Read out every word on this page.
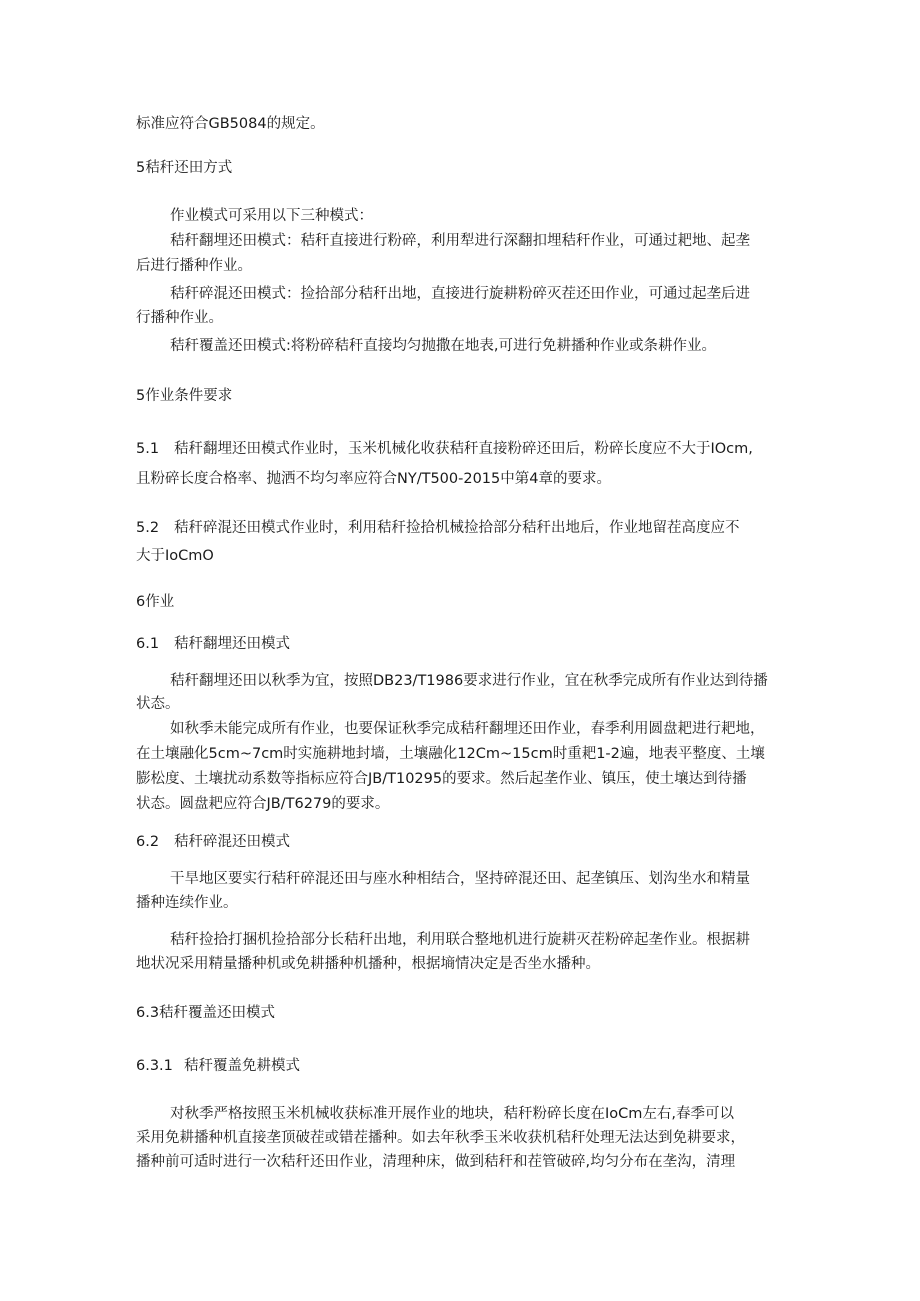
标准应符合GB5084的规定。
5秸秆还田方式
作业模式可采用以下三种模式：
秸秆翻埋还田模式：秸秆直接进行粉碎，利用犁进行深翻扣埋秸秆作业，可通过耙地、起垄
后进行播种作业。
秸秆碎混还田模式：捡拾部分秸秆出地，直接进行旋耕粉碎灭茬还田作业，可通过起垄后进
行播种作业。
秸秆覆盖还田模式:将粉碎秸秆直接均匀抛撒在地表,可进行免耕播种作业或条耕作业。
5作业条件要求
5.1 秸秆翻埋还田模式作业时，玉米机械化收获秸秆直接粉碎还田后，粉碎长度应不大于IOcm,
且粉碎长度合格率、抛洒不均匀率应符合NY/T500-2015中第4章的要求。
5.2 秸秆碎混还田模式作业时，利用秸秆捡拾机械捡拾部分秸秆出地后，作业地留茬高度应不
大于IoCmO
6作业
6.1 秸秆翻埋还田模式
秸秆翻埋还田以秋季为宜，按照DB23/T1986要求进行作业，宜在秋季完成所有作业达到待播
状态。
如秋季未能完成所有作业，也要保证秋季完成秸秆翻埋还田作业，春季利用圆盘耙进行耙地，
在土壤融化5cm~7cm时实施耕地封墙，土壤融化12Cm~15cm时重耙1-2遍，地表平整度、土壤
膨松度、土壤扰动系数等指标应符合JB/T10295的要求。然后起垄作业、镇压，使土壤达到待播
状态。圆盘耙应符合JB/T6279的要求。
6.2 秸秆碎混还田模式
干旱地区要实行秸秆碎混还田与座水种相结合，坚持碎混还田、起垄镇压、划沟坐水和精量
播种连续作业。
秸秆捡拾打捆机捡拾部分长秸秆出地，利用联合整地机进行旋耕灭茬粉碎起垄作业。根据耕
地状况采用精量播种机或免耕播种机播种，根据墒情决定是否坐水播种。
6.3秸秆覆盖还田模式
6.3.1 秸秆覆盖免耕模式
对秋季严格按照玉米机械收获标准开展作业的地块，秸秆粉碎长度在IoCm左右,春季可以
采用免耕播种机直接垄顶破茬或错茬播种。如去年秋季玉米收获机秸秆处理无法达到免耕要求，
播种前可适时进行一次秸秆还田作业，清理种床，做到秸秆和茬管破碎,均匀分布在垄沟，清理
